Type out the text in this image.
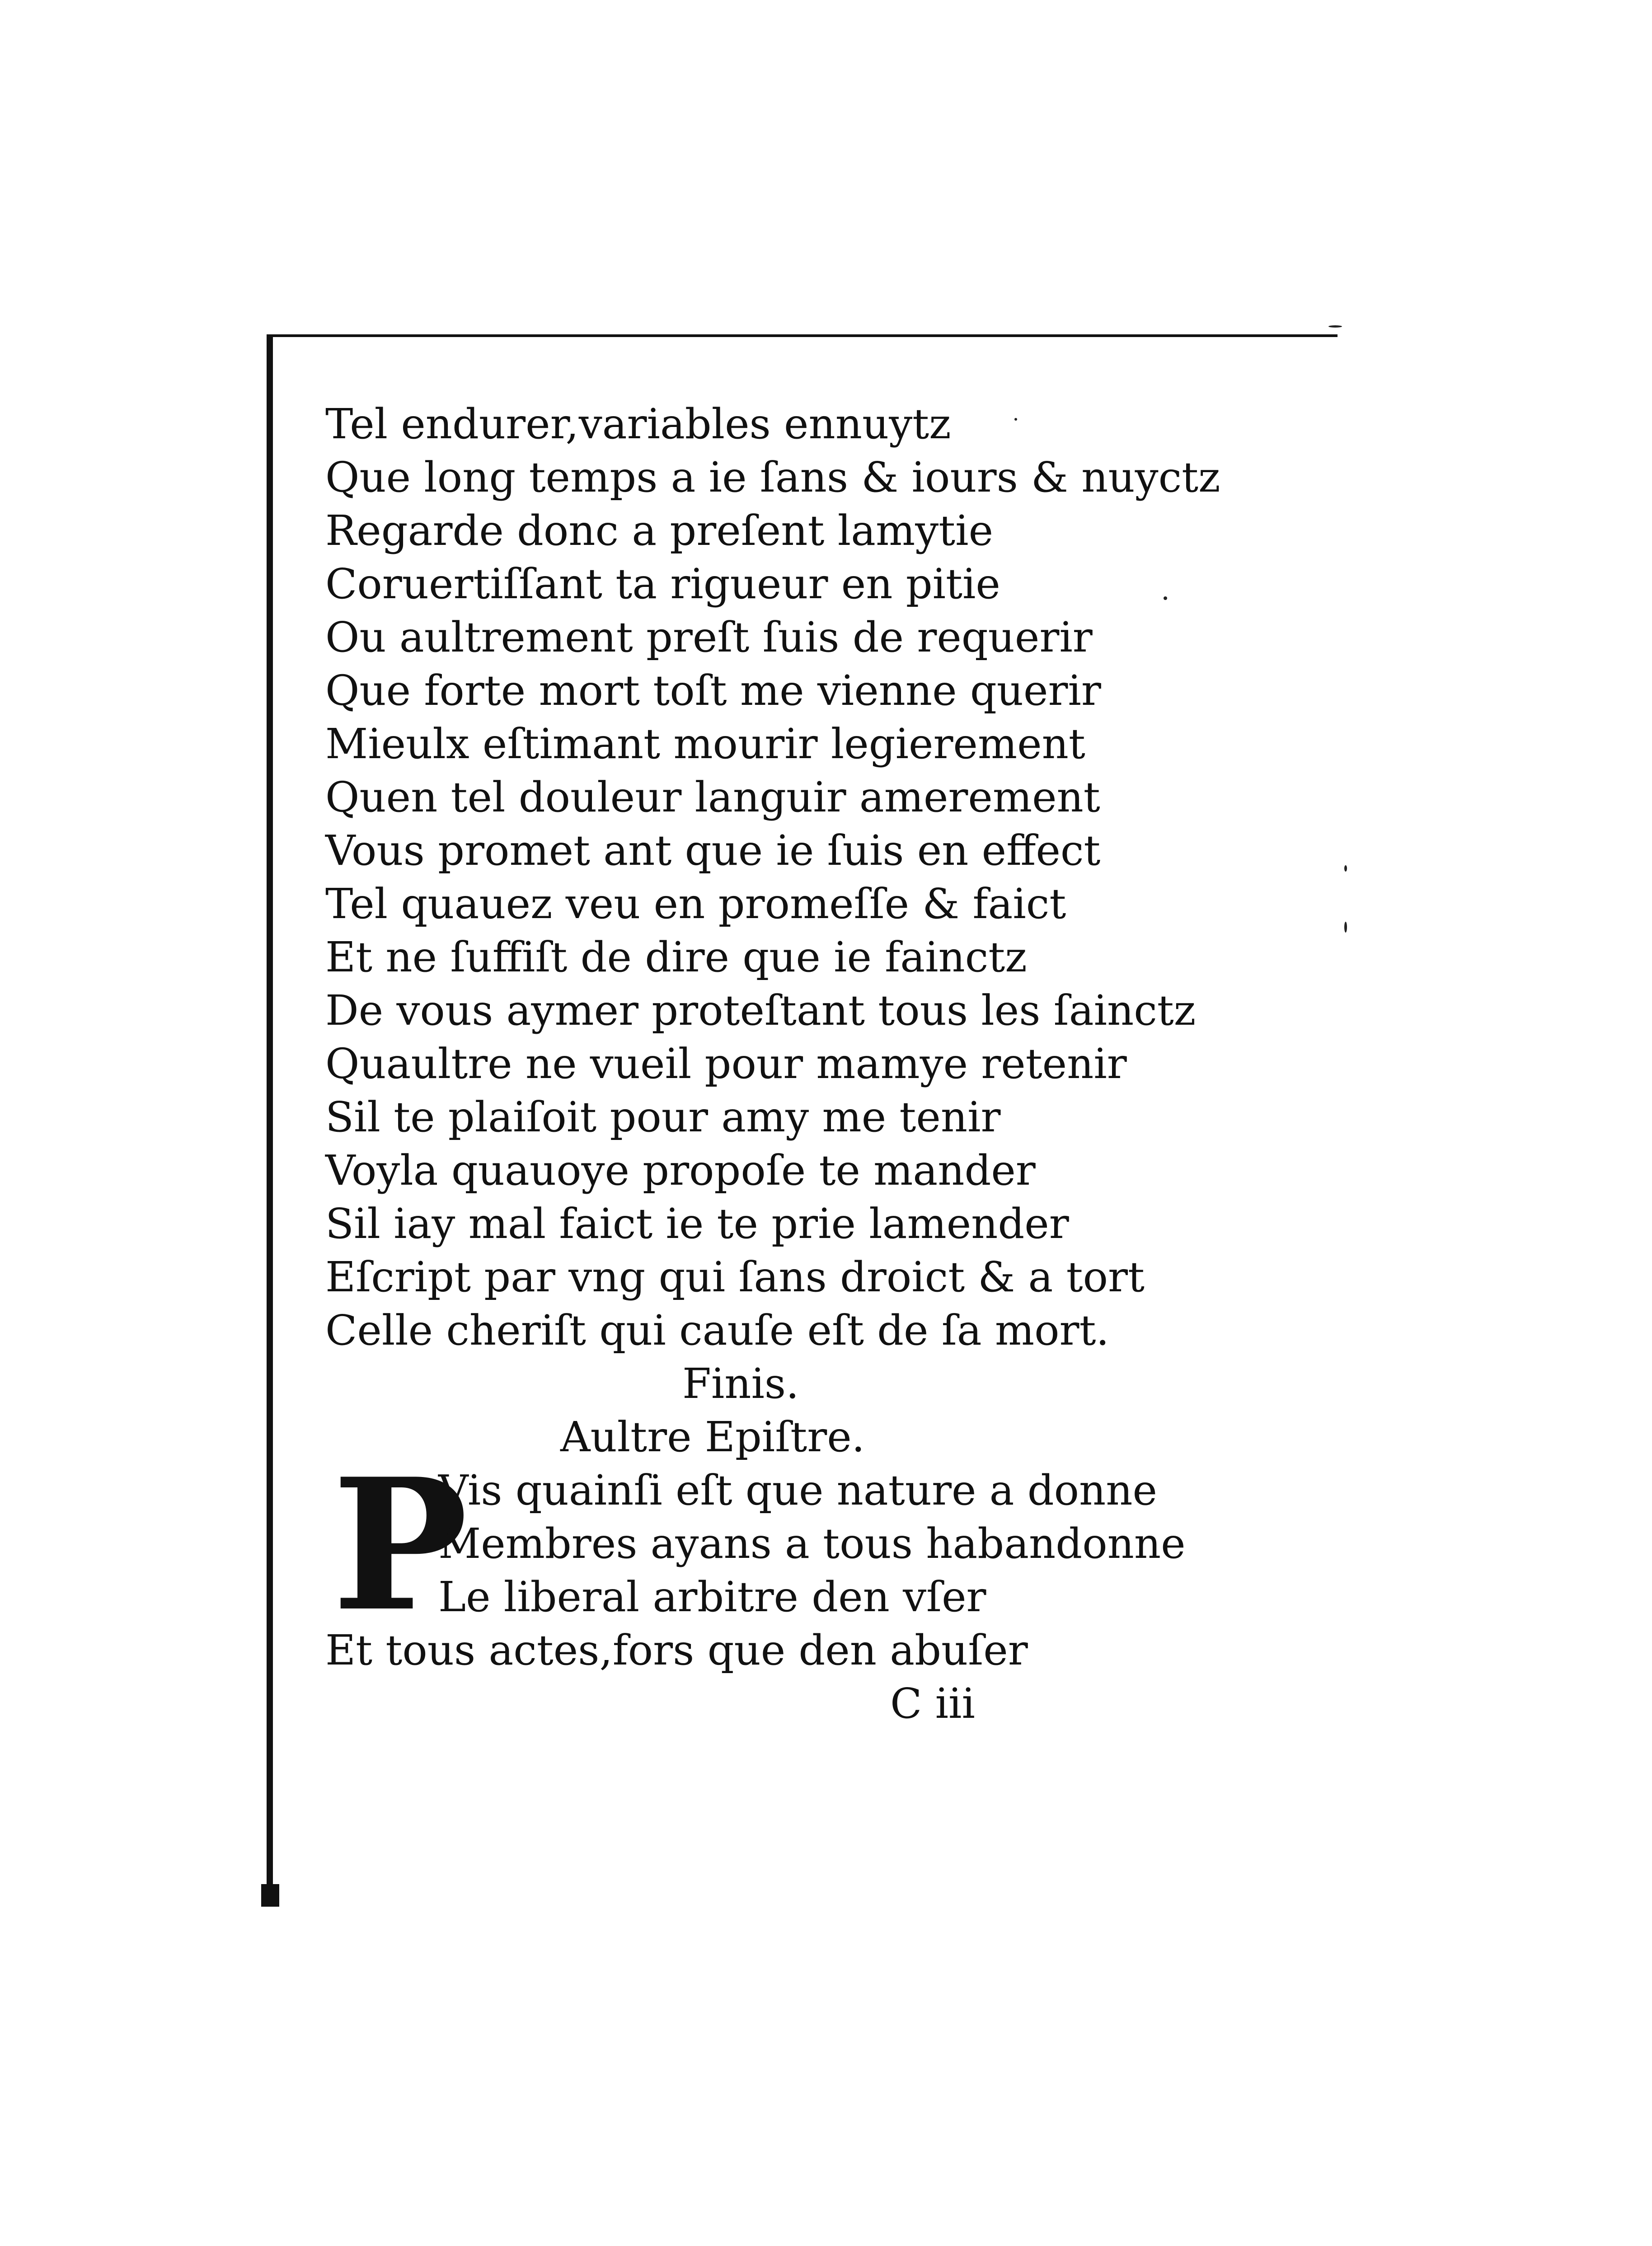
Tel endurer,variables ennuytz
Que long temps a ie ſans & iours & nuyctz
Regarde donc a preſent lamytie
Coruertiſſant ta rigueur en pitie
Ou aultrement preſt ſuis de requerir
Que forte mort toſt me vienne querir
Mieulx eſtimant mourir legierement
Quen tel douleur languir amerement
Vous promet ant que ie ſuis en effect
Tel quauez veu en promeſſe & faict
Et ne ſuffiſt de dire que ie fainctz
De vous aymer proteſtant tous les ſainctz
Quaultre ne vueil pour mamye retenir
Sil te plaiſoit pour amy me tenir
Voyla quauoye propoſe te mander
Sil iay mal faict ie te prie lamender
Eſcript par vng qui ſans droict & a tort
Celle cheriſt qui cauſe eſt de ſa mort.
Finis.
Aultre Epiſtre.
P
Vis quainſi eſt que nature a donne
Membres ayans a tous habandonne
Le liberal arbitre den vſer
Et tous actes,fors que den abuſer
C iii
